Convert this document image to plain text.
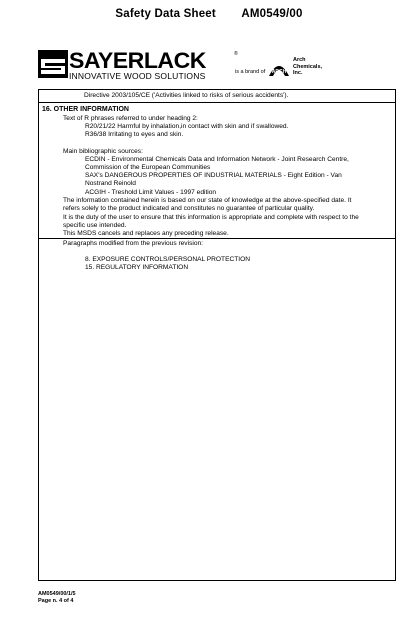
Safety Data Sheet AM0549/00
SAYERLACK	®
INNOVATIVE WOOD SOLUTIONS	is a brand of ARCH
Arch
Chemicals,
Inc.
Directive 2003/105/CE ('Activities linked to risks of serious accidents').
16. OTHER INFORMATION
Text of R phrases referred to under heading 2:
R20/21/22 Harmful by inhalation,in contact with skin and if swallowed.
R36/38 Irritating to eyes and skin.
Main bibliographic sources:
ECDIN - Environmental Chemicals Data and Information Network - Joint Research Centre,
Commission of the European Communities
SAX's DANGEROUS PROPERTIES OF INDUSTRIAL MATERIALS - Eight Edition - Van
Nostrand Reinold
ACGIH - Treshold Limit Values - 1997 edition
The information contained herein is based on our state of knowledge at the above-specified date. It
refers solely to the product indicated and constitutes no guarantee of particular quality.
It is the duty of the user to ensure that this information is appropriate and complete with respect to the
specific use intended.
This MSDS cancels and replaces any preceding release.
Paragraphs modified from the previous revision:
8. EXPOSURE CONTROLS/PERSONAL PROTECTION
15. REGULATORY INFORMATION
AM0549/00/1/5
Page n. 4 of 4
